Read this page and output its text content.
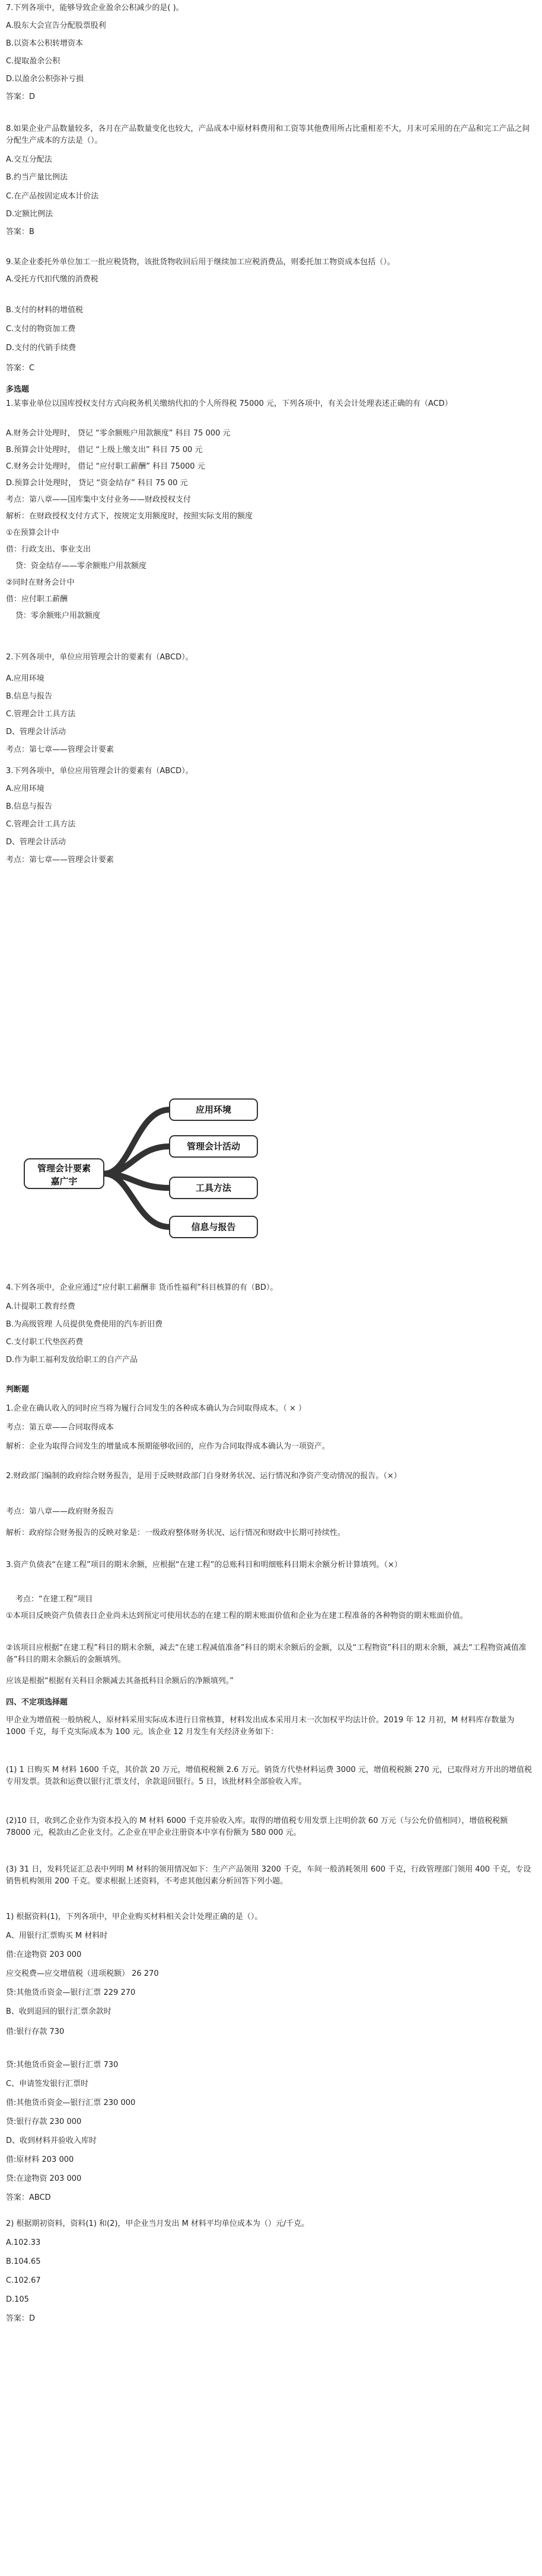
7.下列各项中，能够导致企业盈余公积减少的是( )。
A.股东大会宣告分配股票股利
B.以资本公积转增资本
C.提取盈余公积
D.以盈余公积弥补亏损
答案：D
8.如果企业产品数量较多，各月在产品数量变化也较大，产品成本中原材料费用和工资等其他费用所占比重相差不大，月末可采用的在产品和完工产品之间分配生产成本的方法是（）。
A.交互分配法
B.约当产量比例法
C.在产品按固定成本计价法
D.定额比例法
答案：B
9.某企业委托外单位加工一批应税货物，该批货物收回后用于继续加工应税消费品，则委托加工物资成本包括（）。
A.受托方代扣代缴的消费税
B.支付的材料的增值税
C.支付的物资加工费
D.支付的代销手续费
答案：C
多选题
1.某事业单位以国库授权支付方式向税务机关缴纳代扣的个人所得税 75000 元，下列各项中，有关会计处理表述正确的有（ACD）
A.财务会计处理时， 贷记 “零余额账户用款额度” 科目 75 000 元
B.预算会计处理时， 借记 “上级上缴支出” 科目 75 00 元
C.财务会计处理时， 借记 “应付职工薪酬” 科目 75000 元
D.预算会计处理时， 贷记 “资金结存” 科目 75 00 元
考点：第八章——国库集中支付业务——财政授权支付
解析：在财政授权支付方式下，按规定支用额度时，按照实际支用的额度
①在预算会计中
借：行政支出、事业支出
贷：资金结存——零余额账户用款额度
②同时在财务会计中
借：应付职工薪酬
贷：零余额账户用款额度
2.下列各项中，单位应用管理会计的要素有（ABCD）。
A.应用环境
B.信息与报告
C.管理会计工具方法
D、管理会计活动
考点：第七章——管理会计要素
3.下列各项中，单位应用管理会计的要素有（ABCD）。
A.应用环境
B.信息与报告
C.管理会计工具方法
D、管理会计活动
考点：第七章——管理会计要素
管理会计要素
嘉广宇
应用环境
管理会计活动
工具方法
信息与报告
4.下列各项中，企业应通过“应付职工薪酬非 货币性福利”科目核算的有（BD）。
A.计提职工教育经费
B.为高级管理 人员提供免费使用的汽车折旧费
C.支付职工代垫医药费
D.作为职工福利发放给职工的自产产品
判断题
1.企业在确认收入的同时应当将为履行合同发生的各种成本确认为合同取得成本。（ × ）
考点：第五章——合同取得成本
解析：企业为取得合同发生的增量成本预期能够收回的，应作为合同取得成本确认为一项资产。
2.财政部门编制的政府综合财务报告，是用于反映财政部门自身财务状况、运行情况和净资产变动情况的报告。（×）
考点：第八章——政府财务报告
解析：政府综合财务报告的反映对象是：一级政府整体财务状况、运行情况和财政中长期可持续性。
3.资产负债表“在建工程”项目的期末余额，应根据“在建工程”的总账科目和明细账科目期末余额分析计算填列。（×）
考点：“在建工程”项目
①本项目反映资产负债表日企业尚未达到预定可使用状态的在建工程的期末账面价值和企业为在建工程准备的各种物资的期末账面价值。
②该项目应根据“在建工程”科目的期末余额，减去“在建工程减值准备”科目的期末余额后的金额，以及“工程物资”科目的期末余额，减去“工程物资减值准备”科目的期末余额后的金额填列。
应该是根据“根据有关科目余额减去其备抵科目余额后的净额填列。”
四、不定项选择题
甲企业为增值税一般纳税人，原材料采用实际成本进行日常核算，材料发出成本采用月末一次加权平均法计价。2019 年 12 月初，M 材料库存数量为 1000 千克，每千克实际成本为 100 元。该企业 12 月发生有关经济业务如下：
(1) 1 日购买 M 材料 1600 千克，其价款 20 万元，增值税税额 2.6 万元。销货方代垫材料运费 3000 元，增值税税额 270 元，已取得对方开出的增值税专用发票。货款和运费以银行汇票支付，余款退回银行。5 日，该批材料全部验收入库。
(2)10 日，收到乙企业作为资本投入的 M 材料 6000 千克并验收入库。取得的增值税专用发票上注明价款 60 万元（与公允价值相同），增值税税额 78000 元，税款由乙企业支付。乙企业在甲企业注册资本中享有份额为 580 000 元。
(3) 31 日，发料凭证汇总表中列明 M 材料的领用情况如下：生产产品领用 3200 千克，车间一般消耗领用 600 千克，行政管理部门领用 400 千克，专设销售机构领用 200 千克。要求根据上述资料，不考虑其他因素分析回答下列小题。
1) 根据资料(1)，下列各项中，甲企业购买材料相关会计处理正确的是（）。
A、用银行汇票购买 M 材料时
借:在途物资 203 000
应交税费—应交增值税（进项税额） 26 270
贷:其他货币资金—银行汇票 229 270
B、收到退回的银行汇票余款时
借:银行存款 730
贷:其他货币资金—银行汇票 730
C、申请签发银行汇票时
借:其他货币资金—银行汇票 230 000
贷:银行存款 230 000
D、收到材料并验收入库时
借:原材料 203 000
贷:在途物资 203 000
答案：ABCD
2) 根据期初资料，资料(1) 和(2)，甲企业当月发出 M 材料平均单位成本为（）元/千克。
A.102.33
B.104.65
C.102.67
D.105
答案：D
